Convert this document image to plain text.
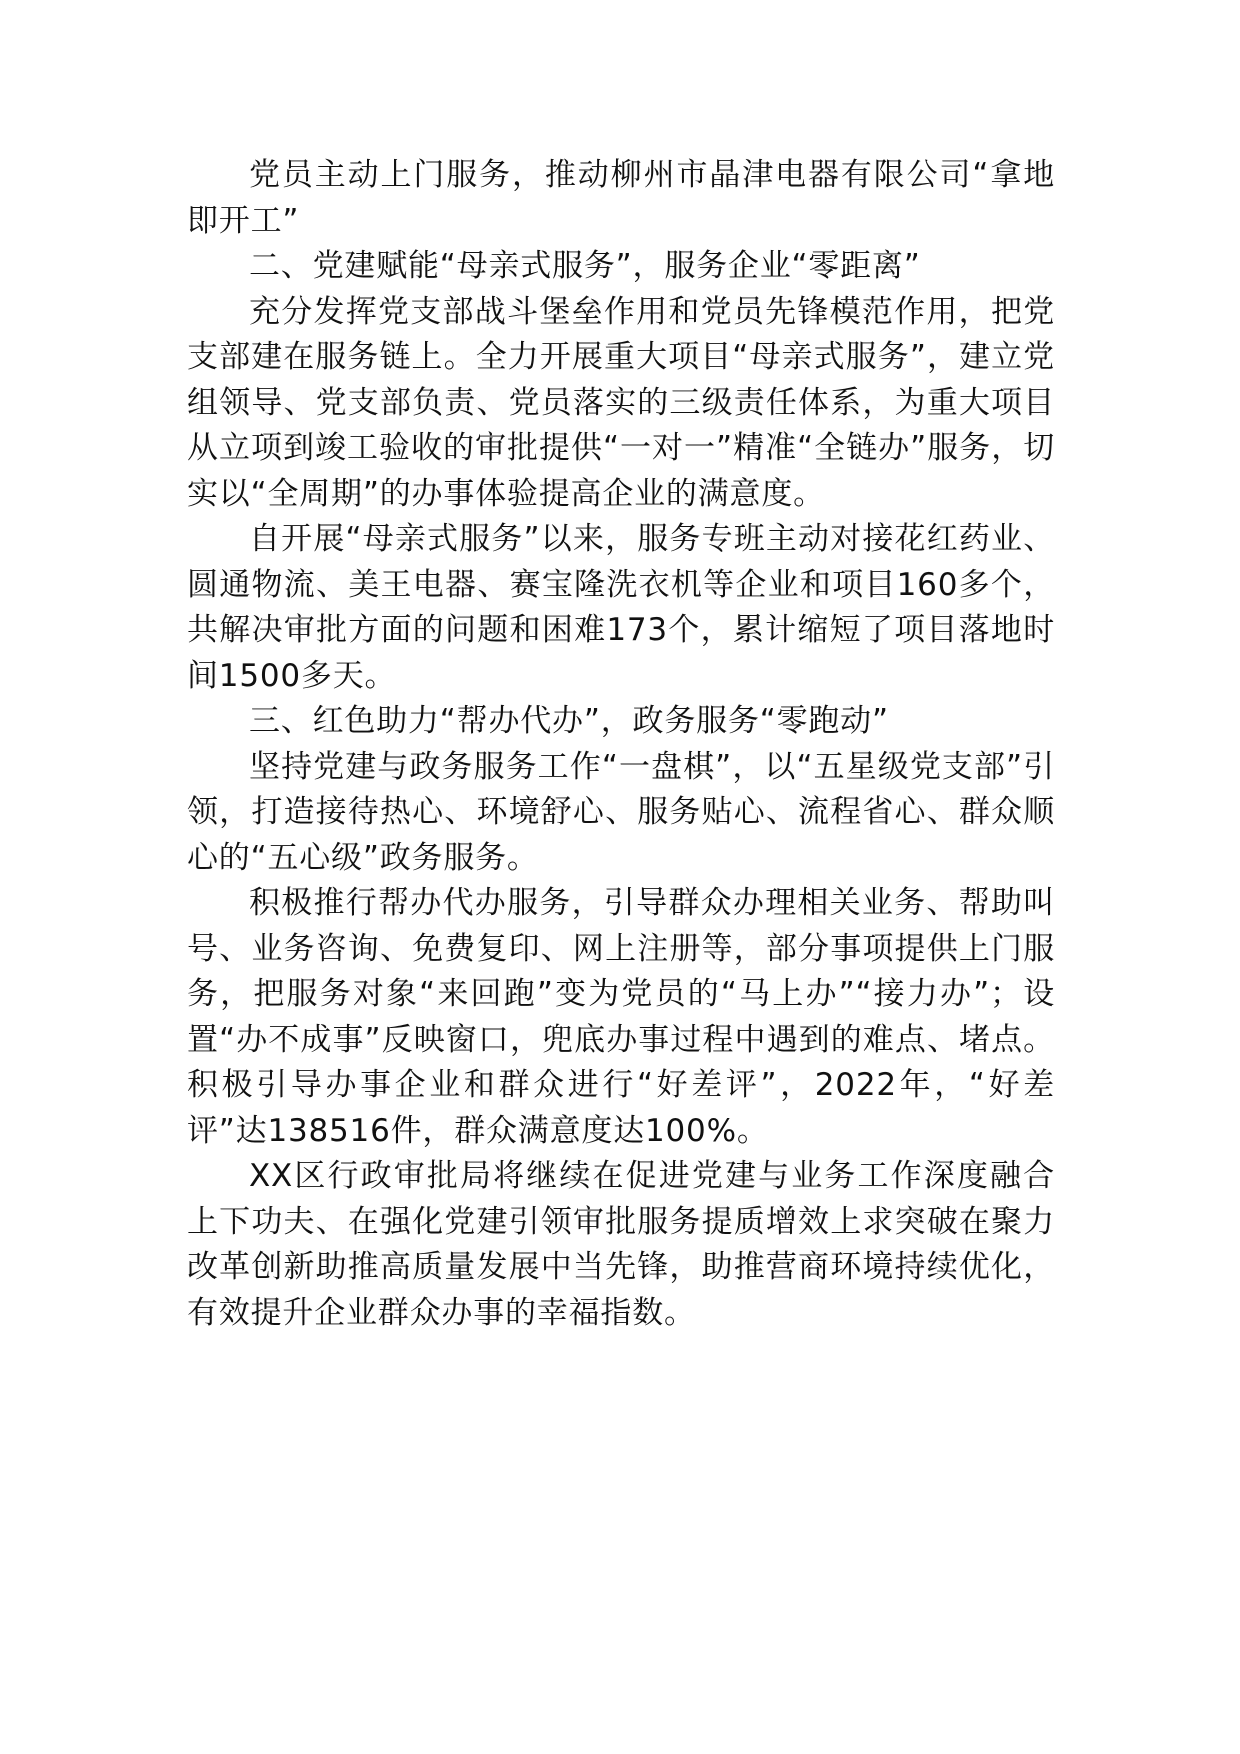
党员主动上门服务，推动柳州市晶津电器有限公司“拿地即开工”

二、党建赋能“母亲式服务”，服务企业“零距离”

充分发挥党支部战斗堡垒作用和党员先锋模范作用，把党支部建在服务链上。全力开展重大项目“母亲式服务”，建立党组领导、党支部负责、党员落实的三级责任体系，为重大项目从立项到竣工验收的审批提供“一对一”精准“全链办”服务，切实以“全周期”的办事体验提高企业的满意度。

自开展“母亲式服务”以来，服务专班主动对接花红药业、圆通物流、美王电器、赛宝隆洗衣机等企业和项目160多个，共解决审批方面的问题和困难173个，累计缩短了项目落地时间1500多天。

三、红色助力“帮办代办”，政务服务“零跑动”

坚持党建与政务服务工作“一盘棋”，以“五星级党支部”引领，打造接待热心、环境舒心、服务贴心、流程省心、群众顺心的“五心级”政务服务。

积极推行帮办代办服务，引导群众办理相关业务、帮助叫号、业务咨询、免费复印、网上注册等，部分事项提供上门服务，把服务对象“来回跑”变为党员的“马上办”“接力办”；设置“办不成事”反映窗口，兜底办事过程中遇到的难点、堵点。积极引导办事企业和群众进行“好差评”，2022年，“好差评”达138516件，群众满意度达100%。

XX区行政审批局将继续在促进党建与业务工作深度融合上下功夫、在强化党建引领审批服务提质增效上求突破在聚力改革创新助推高质量发展中当先锋，助推营商环境持续优化，有效提升企业群众办事的幸福指数。
